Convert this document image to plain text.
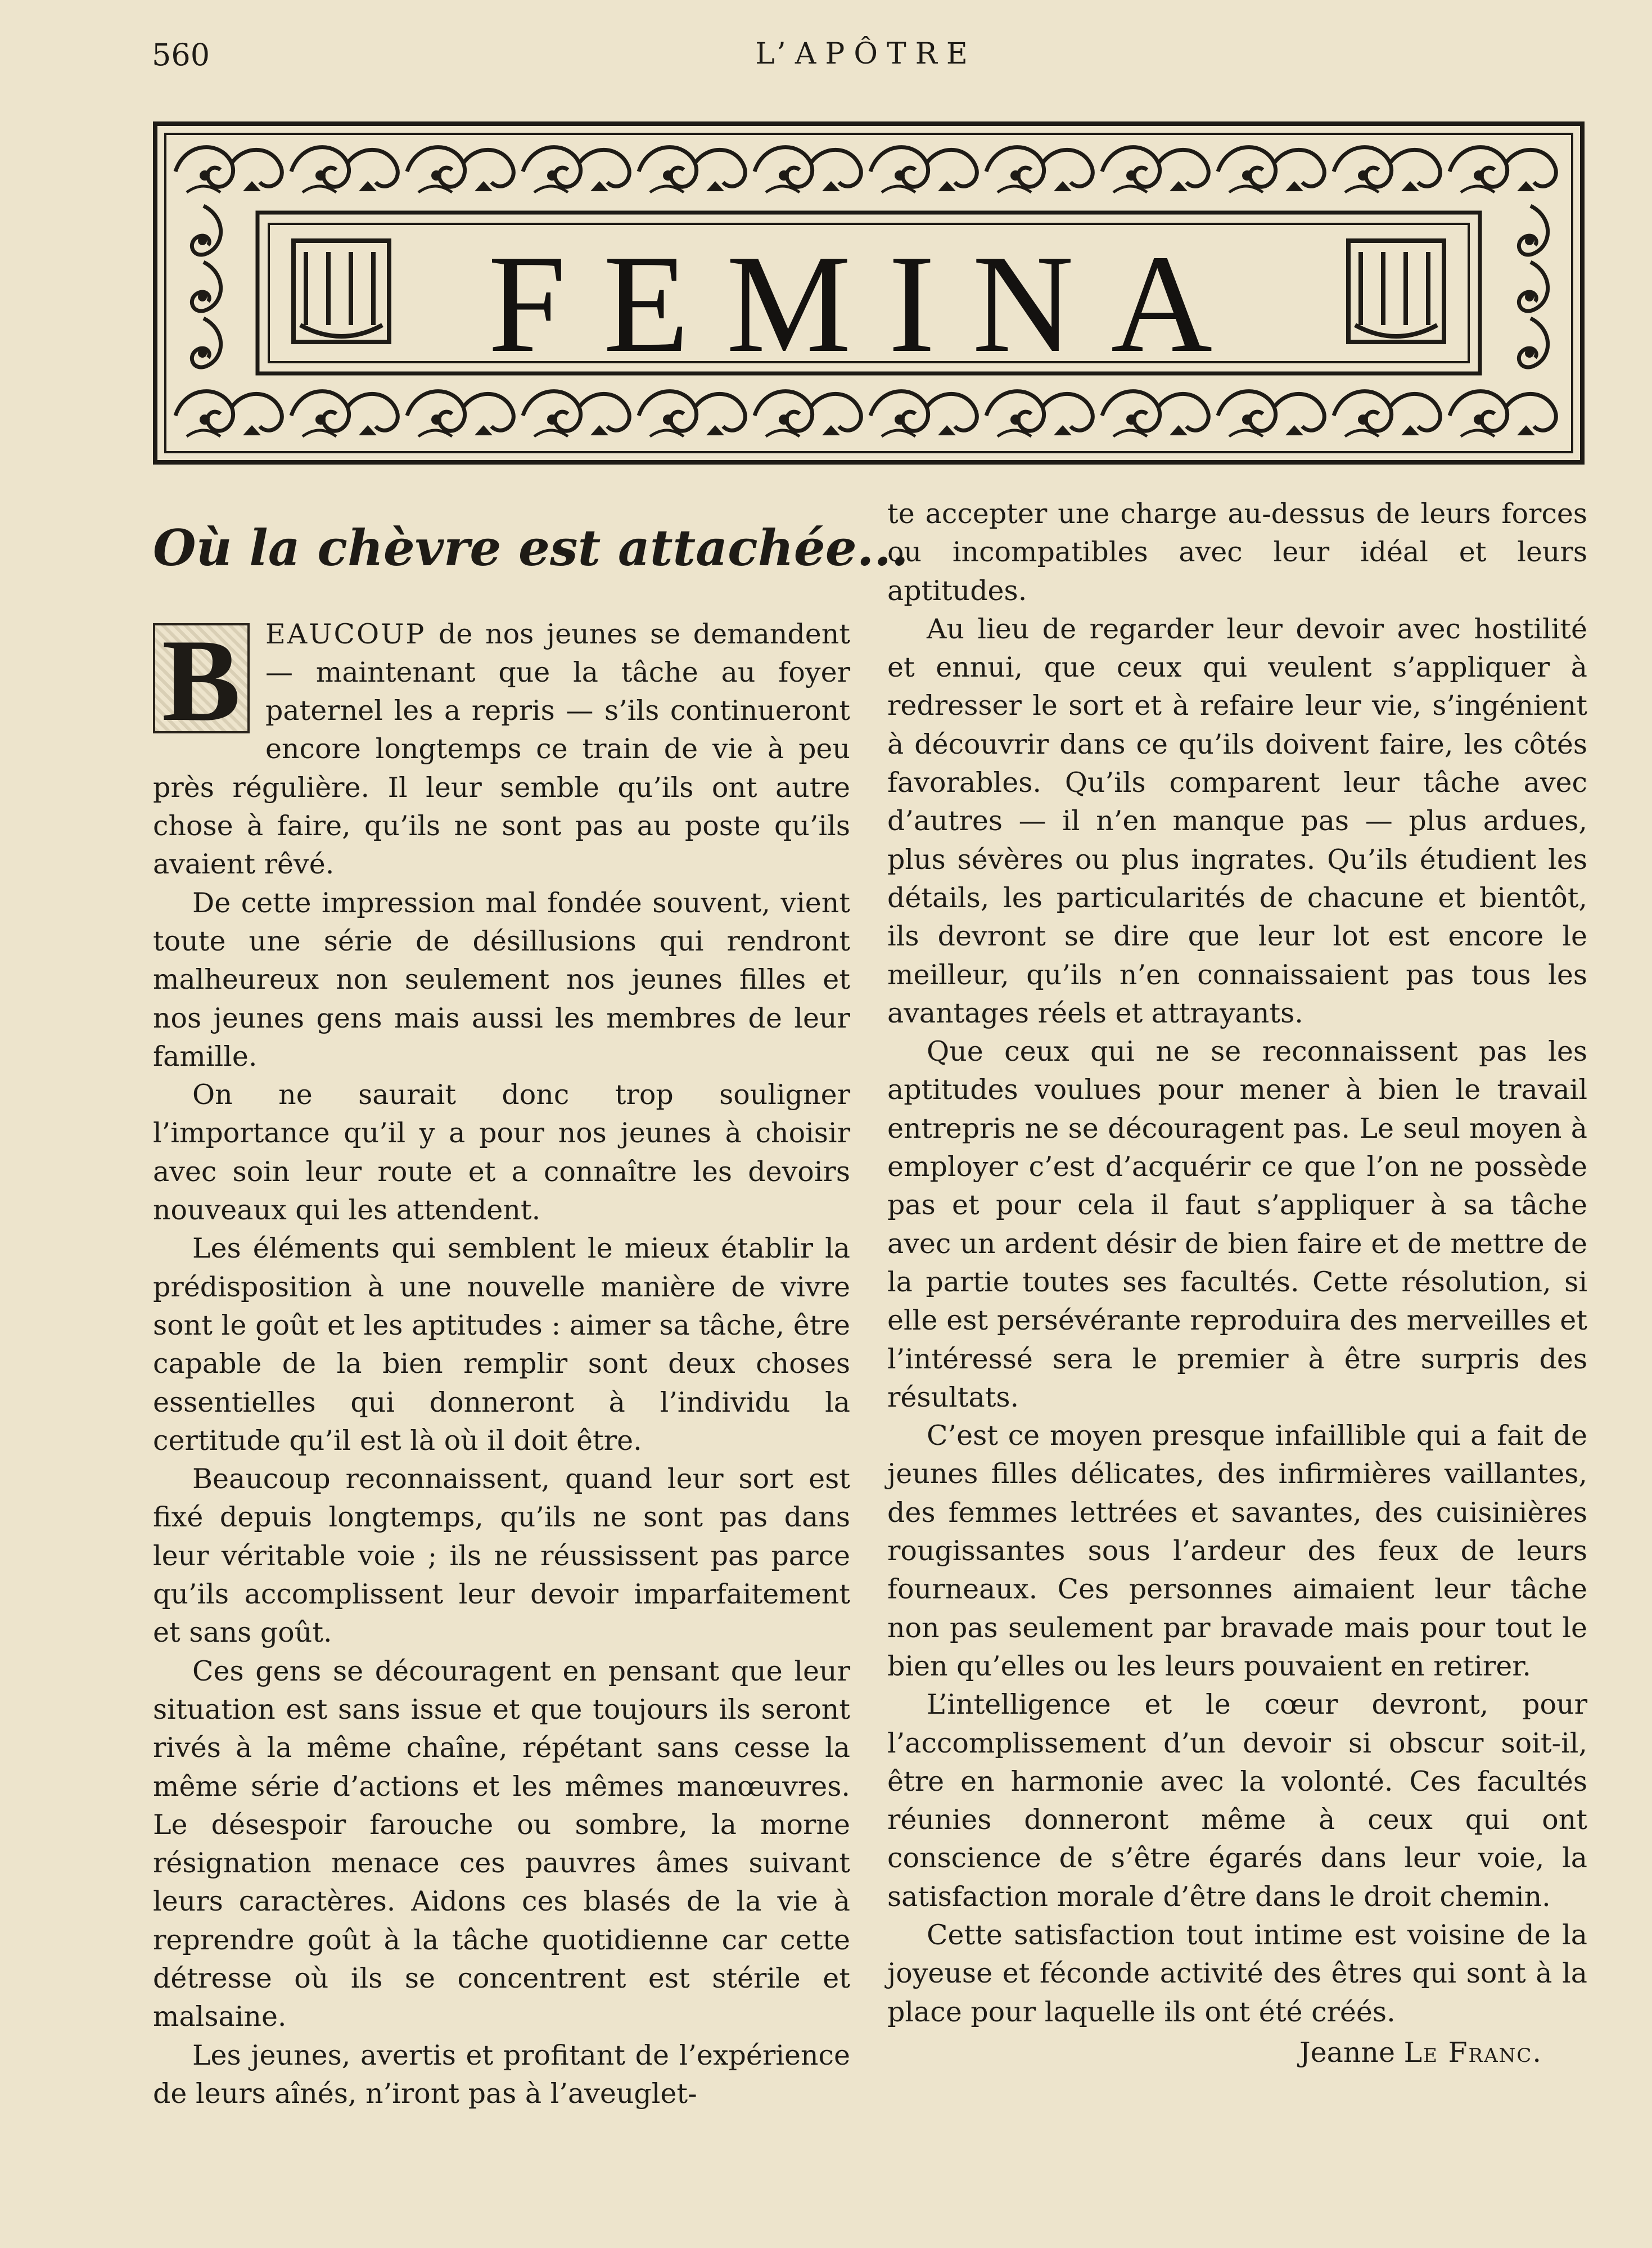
560	L’APÔTRE
FEMINA
Où la chèvre est attachée...

B EAUCOUP de nos jeunes se demandent — maintenant que la tâche au foyer paternel les a repris — s’ils continueront encore longtemps ce train de vie à peu près régulière. Il leur semble qu’ils ont autre chose à faire, qu’ils ne sont pas au poste qu’ils avaient rêvé.

De cette impression mal fondée souvent, vient toute une série de désillusions qui rendront malheureux non seulement nos jeunes filles et nos jeunes gens mais aussi les membres de leur famille.

On ne saurait donc trop souligner l’importance qu’il y a pour nos jeunes à choisir avec soin leur route et a connaître les devoirs nouveaux qui les attendent.

Les éléments qui semblent le mieux établir la prédisposition à une nouvelle manière de vivre sont le goût et les aptitudes : aimer sa tâche, être capable de la bien remplir sont deux choses essentielles qui donneront à l’individu la certitude qu’il est là où il doit être.

Beaucoup reconnaissent, quand leur sort est fixé depuis longtemps, qu’ils ne sont pas dans leur véritable voie ; ils ne réussissent pas parce qu’ils accomplissent leur devoir imparfaitement et sans goût.

Ces gens se découragent en pensant que leur situation est sans issue et que toujours ils seront rivés à la même chaîne, répétant sans cesse la même série d’actions et les mêmes manœuvres. Le désespoir farouche ou sombre, la morne résignation menace ces pauvres âmes suivant leurs caractères. Aidons ces blasés de la vie à reprendre goût à la tâche quotidienne car cette détresse où ils se concentrent est stérile et malsaine.

Les jeunes, avertis et profitant de l’expérience de leurs aînés, n’iront pas à l’aveuglet-

te accepter une charge au-dessus de leurs forces ou incompatibles avec leur idéal et leurs aptitudes.

Au lieu de regarder leur devoir avec hostilité et ennui, que ceux qui veulent s’appliquer à redresser le sort et à refaire leur vie, s’ingénient à découvrir dans ce qu’ils doivent faire, les côtés favorables. Qu’ils comparent leur tâche avec d’autres — il n’en manque pas — plus ardues, plus sévères ou plus ingrates. Qu’ils étudient les détails, les particularités de chacune et bientôt, ils devront se dire que leur lot est encore le meilleur, qu’ils n’en connaissaient pas tous les avantages réels et attrayants.

Que ceux qui ne se reconnaissent pas les aptitudes voulues pour mener à bien le travail entrepris ne se découragent pas. Le seul moyen à employer c’est d’acquérir ce que l’on ne possède pas et pour cela il faut s’appliquer à sa tâche avec un ardent désir de bien faire et de mettre de la partie toutes ses facultés. Cette résolution, si elle est persévérante reproduira des merveilles et l’intéressé sera le premier à être surpris des résultats.

C’est ce moyen presque infaillible qui a fait de jeunes filles délicates, des infirmières vaillantes, des femmes lettrées et savantes, des cuisinières rougissantes sous l’ardeur des feux de leurs fourneaux. Ces personnes aimaient leur tâche non pas seulement par bravade mais pour tout le bien qu’elles ou les leurs pouvaient en retirer.

L’intelligence et le cœur devront, pour l’accomplissement d’un devoir si obscur soit-il, être en harmonie avec la volonté. Ces facultés réunies donneront même à ceux qui ont conscience de s’être égarés dans leur voie, la satisfaction morale d’être dans le droit chemin.

Cette satisfaction tout intime est voisine de la joyeuse et féconde activité des êtres qui sont à la place pour laquelle ils ont été créés.

Jeanne Le Franc.
